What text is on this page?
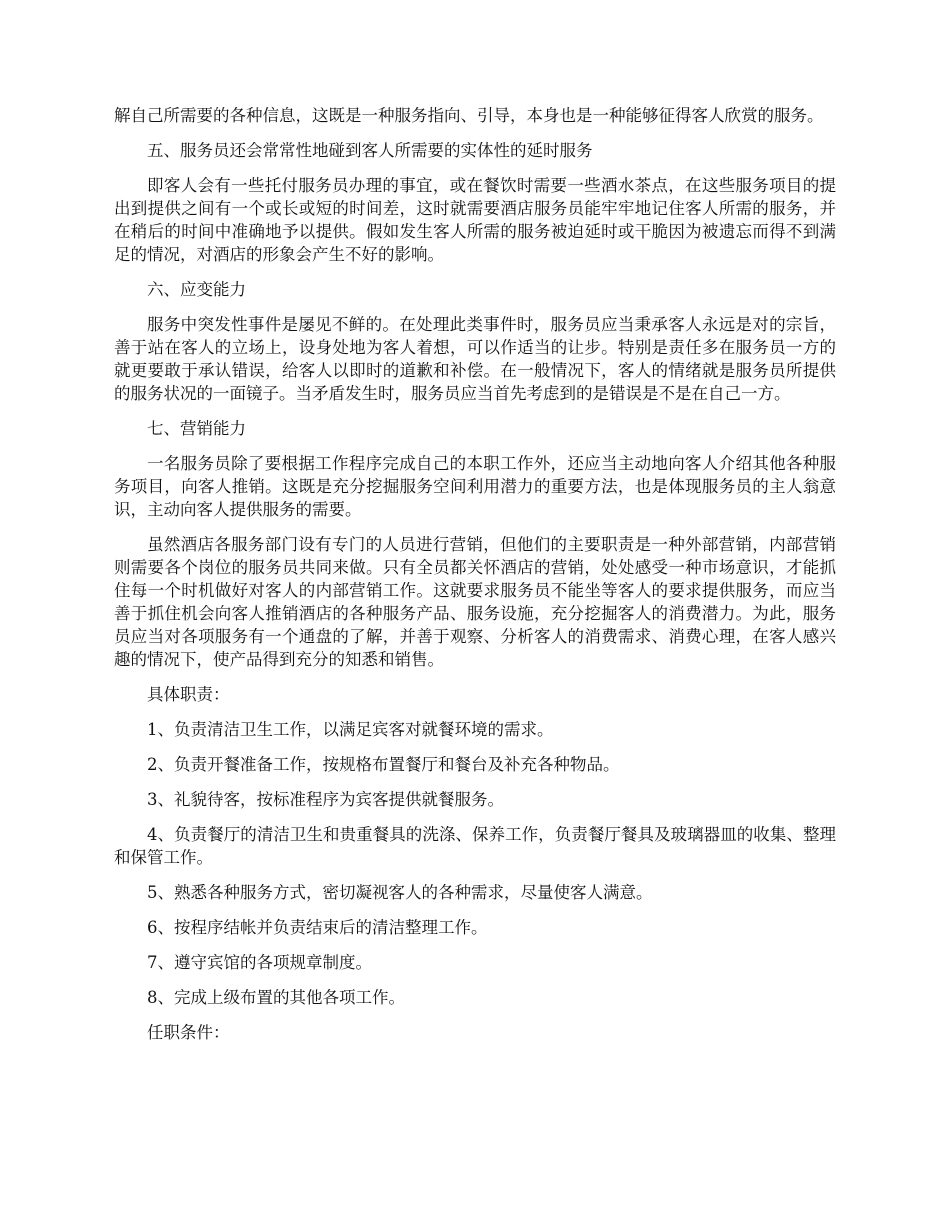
解自己所需要的各种信息，这既是一种服务指向、引导，本身也是一种能够征得客人欣赏的服务。

五、服务员还会常常性地碰到客人所需要的实体性的延时服务

即客人会有一些托付服务员办理的事宜，或在餐饮时需要一些酒水茶点，在这些服务项目的提出到提供之间有一个或长或短的时间差，这时就需要酒店服务员能牢牢地记住客人所需的服务，并在稍后的时间中准确地予以提供。假如发生客人所需的服务被迫延时或干脆因为被遗忘而得不到满足的情况，对酒店的形象会产生不好的影响。

六、应变能力

服务中突发性事件是屡见不鲜的。在处理此类事件时，服务员应当秉承客人永远是对的宗旨，善于站在客人的立场上，设身处地为客人着想，可以作适当的让步。特别是责任多在服务员一方的就更要敢于承认错误，给客人以即时的道歉和补偿。在一般情况下，客人的情绪就是服务员所提供的服务状况的一面镜子。当矛盾发生时，服务员应当首先考虑到的是错误是不是在自己一方。

七、营销能力

一名服务员除了要根据工作程序完成自己的本职工作外，还应当主动地向客人介绍其他各种服务项目，向客人推销。这既是充分挖掘服务空间利用潜力的重要方法，也是体现服务员的主人翁意识，主动向客人提供服务的需要。

虽然酒店各服务部门设有专门的人员进行营销，但他们的主要职责是一种外部营销，内部营销则需要各个岗位的服务员共同来做。只有全员都关怀酒店的营销，处处感受一种市场意识，才能抓住每一个时机做好对客人的内部营销工作。这就要求服务员不能坐等客人的要求提供服务，而应当善于抓住机会向客人推销酒店的各种服务产品、服务设施，充分挖掘客人的消费潜力。为此，服务员应当对各项服务有一个通盘的了解，并善于观察、分析客人的消费需求、消费心理，在客人感兴趣的情况下，使产品得到充分的知悉和销售。

具体职责：

1、负责清洁卫生工作，以满足宾客对就餐环境的需求。

2、负责开餐准备工作，按规格布置餐厅和餐台及补充各种物品。

3、礼貌待客，按标准程序为宾客提供就餐服务。

4、负责餐厅的清洁卫生和贵重餐具的洗涤、保养工作，负责餐厅餐具及玻璃器皿的收集、整理和保管工作。

5、熟悉各种服务方式，密切凝视客人的各种需求，尽量使客人满意。

6、按程序结帐并负责结束后的清洁整理工作。

7、遵守宾馆的各项规章制度。

8、完成上级布置的其他各项工作。

任职条件：
